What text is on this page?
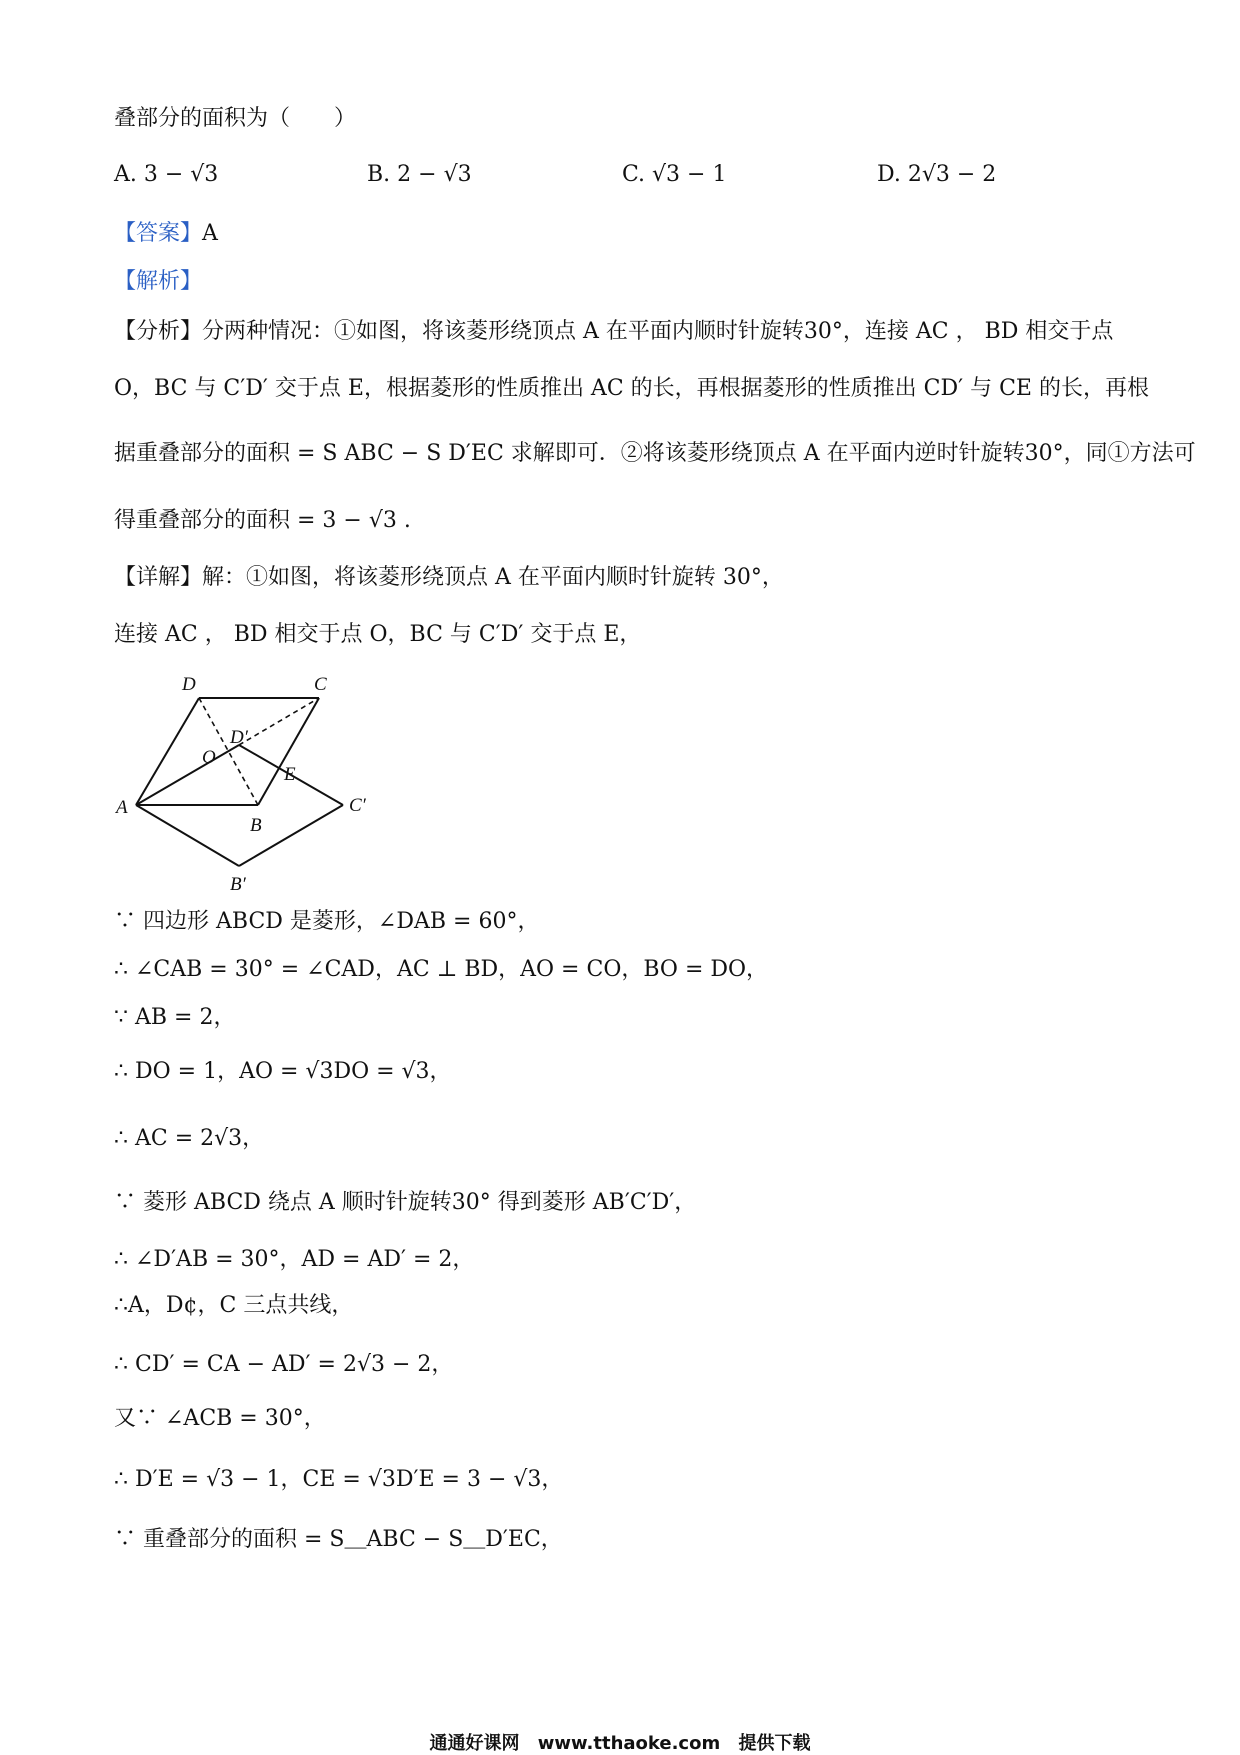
叠部分的面积为（　　）
A. 3 − √3	B. 2 − √3	C. √3 − 1	D. 2√3 − 2
【答案】A
【解析】
【分析】分两种情况：①如图，将该菱形绕顶点 A 在平面内顺时针旋转30°，连接 AC ， BD 相交于点
O，BC 与 C′D′ 交于点 E，根据菱形的性质推出 AC 的长，再根据菱形的性质推出 CD′ 与 CE 的长，再根
据重叠部分的面积 = S ABC − S D′EC 求解即可．②将该菱形绕顶点 A 在平面内逆时针旋转30°，同①方法可
得重叠部分的面积 = 3 − √3 .
【详解】解：①如图，将该菱形绕顶点 A 在平面内顺时针旋转 30°，
连接 AC ， BD 相交于点 O，BC 与 C′D′ 交于点 E，
D	C
D′
O
E
A
B
C′
B′
∵ 四边形 ABCD 是菱形，∠DAB = 60°，
∴ ∠CAB = 30° = ∠CAD，AC ⊥ BD，AO = CO，BO = DO，
∵ AB = 2，
∴ DO = 1，AO = √3DO = √3，
∴ AC = 2√3，
∵ 菱形 ABCD 绕点 A 顺时针旋转30° 得到菱形 AB′C′D′，
∴ ∠D′AB = 30°，AD = AD′ = 2，
∴A，D¢，C 三点共线，
∴ CD′ = CA − AD′ = 2√3 − 2，
又∵ ∠ACB = 30°，
∴ D′E = √3 − 1，CE = √3D′E = 3 − √3，
∵ 重叠部分的面积 = S＿ABC − S＿D′EC，
通通好课网 www.tthaoke.com 提供下载
